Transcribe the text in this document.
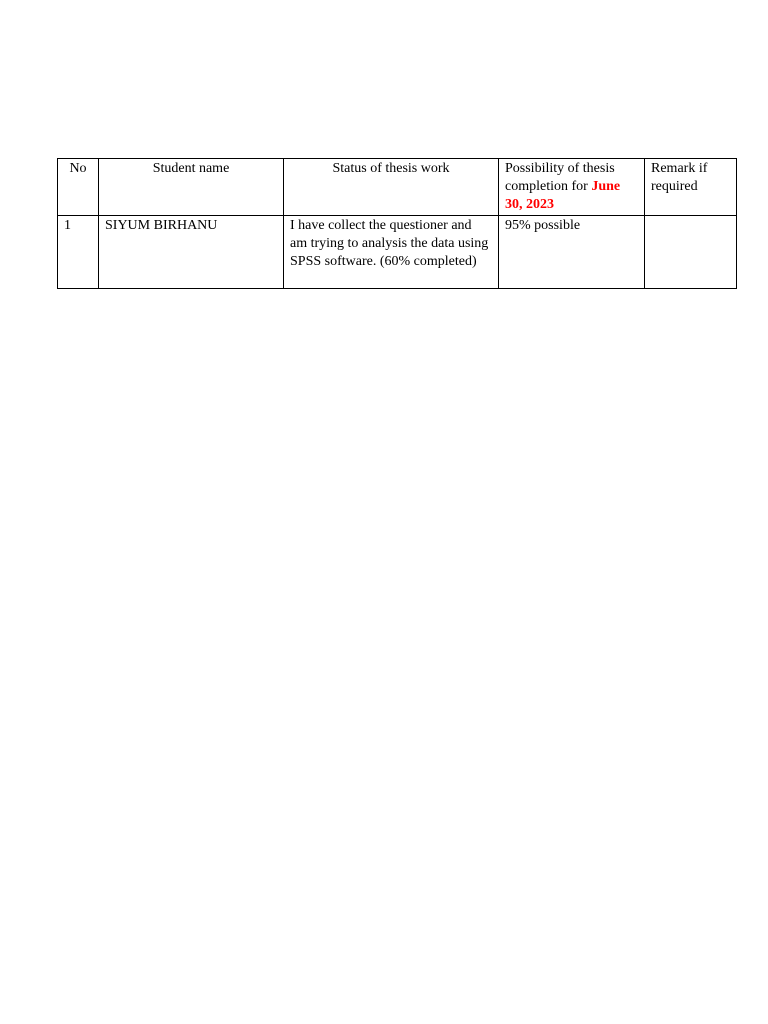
No	Student name	Status of thesis work	Possibility of thesis completion for June 30, 2023	Remark if required
1	SIYUM BIRHANU	I have collect the questioner and am trying to analysis the data using SPSS software. (60% completed)	95% possible	
